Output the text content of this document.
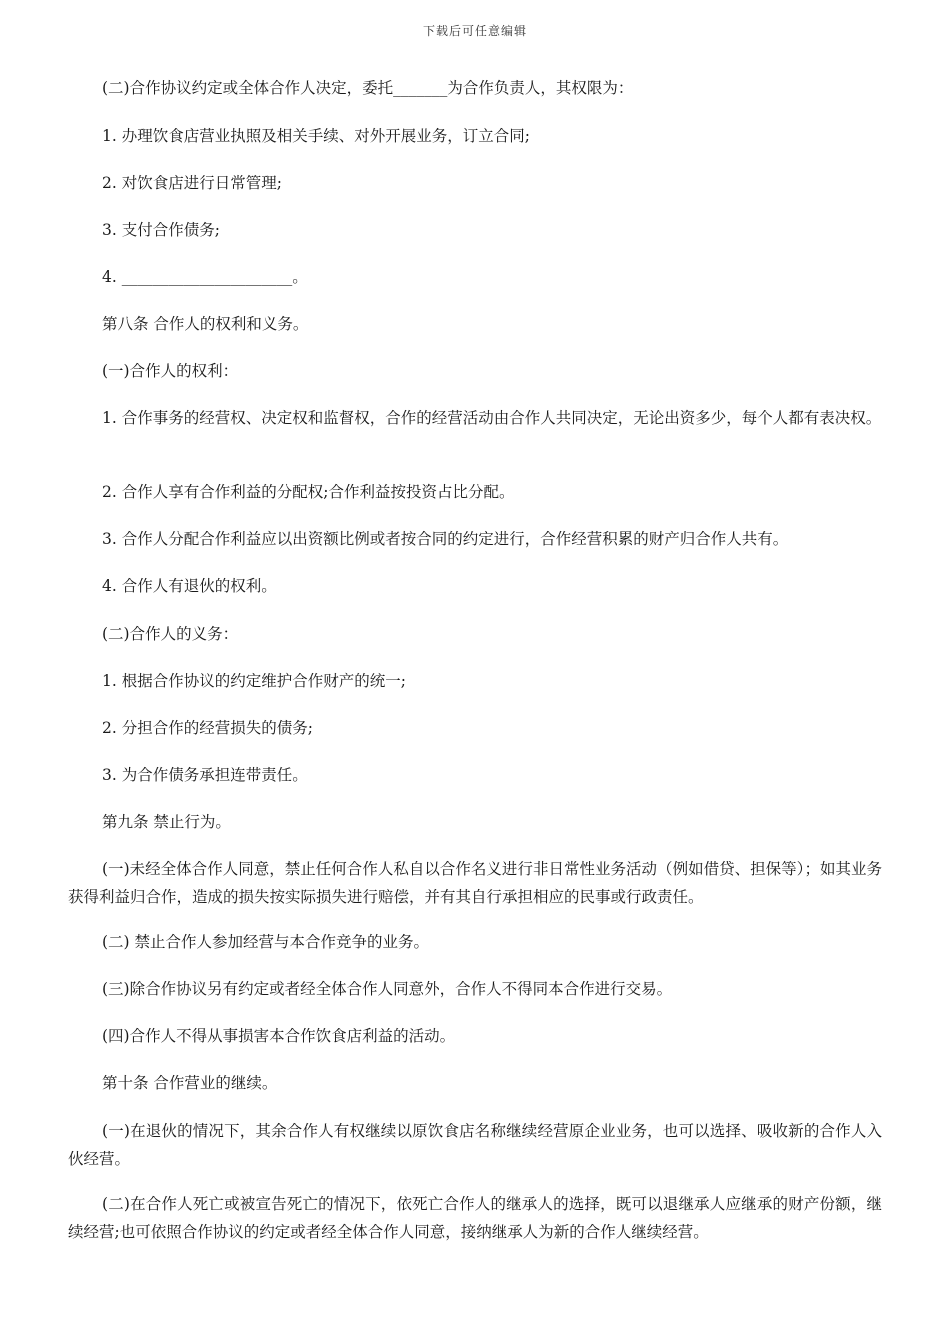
下载后可任意编辑

(二)合作协议约定或全体合作人决定，委托_______为合作负责人，其权限为：

1. 办理饮食店营业执照及相关手续、对外开展业务，订立合同;

2. 对饮食店进行日常管理;

3. 支付合作债务;

4. ______________________。

第八条 合作人的权利和义务。

(一)合作人的权利：

1. 合作事务的经营权、决定权和监督权，合作的经营活动由合作人共同决定，无论出资多少，每个人都有表决权。

2. 合作人享有合作利益的分配权;合作利益按投资占比分配。

3. 合作人分配合作利益应以出资额比例或者按合同的约定进行，合作经营积累的财产归合作人共有。

4. 合作人有退伙的权利。

(二)合作人的义务：

1. 根据合作协议的约定维护合作财产的统一;

2. 分担合作的经营损失的债务;

3. 为合作债务承担连带责任。

第九条 禁止行为。

(一)未经全体合作人同意，禁止任何合作人私自以合作名义进行非日常性业务活动（例如借贷、担保等）；如其业务获得利益归合作，造成的损失按实际损失进行赔偿，并有其自行承担相应的民事或行政责任。

(二) 禁止合作人参加经营与本合作竞争的业务。

(三)除合作协议另有约定或者经全体合作人同意外，合作人不得同本合作进行交易。

(四)合作人不得从事损害本合作饮食店利益的活动。

第十条 合作营业的继续。

(一)在退伙的情况下，其余合作人有权继续以原饮食店名称继续经营原企业业务，也可以选择、吸收新的合作人入伙经营。

(二)在合作人死亡或被宣告死亡的情况下，依死亡合作人的继承人的选择，既可以退继承人应继承的财产份额，继续经营;也可依照合作协议的约定或者经全体合作人同意，接纳继承人为新的合作人继续经营。
